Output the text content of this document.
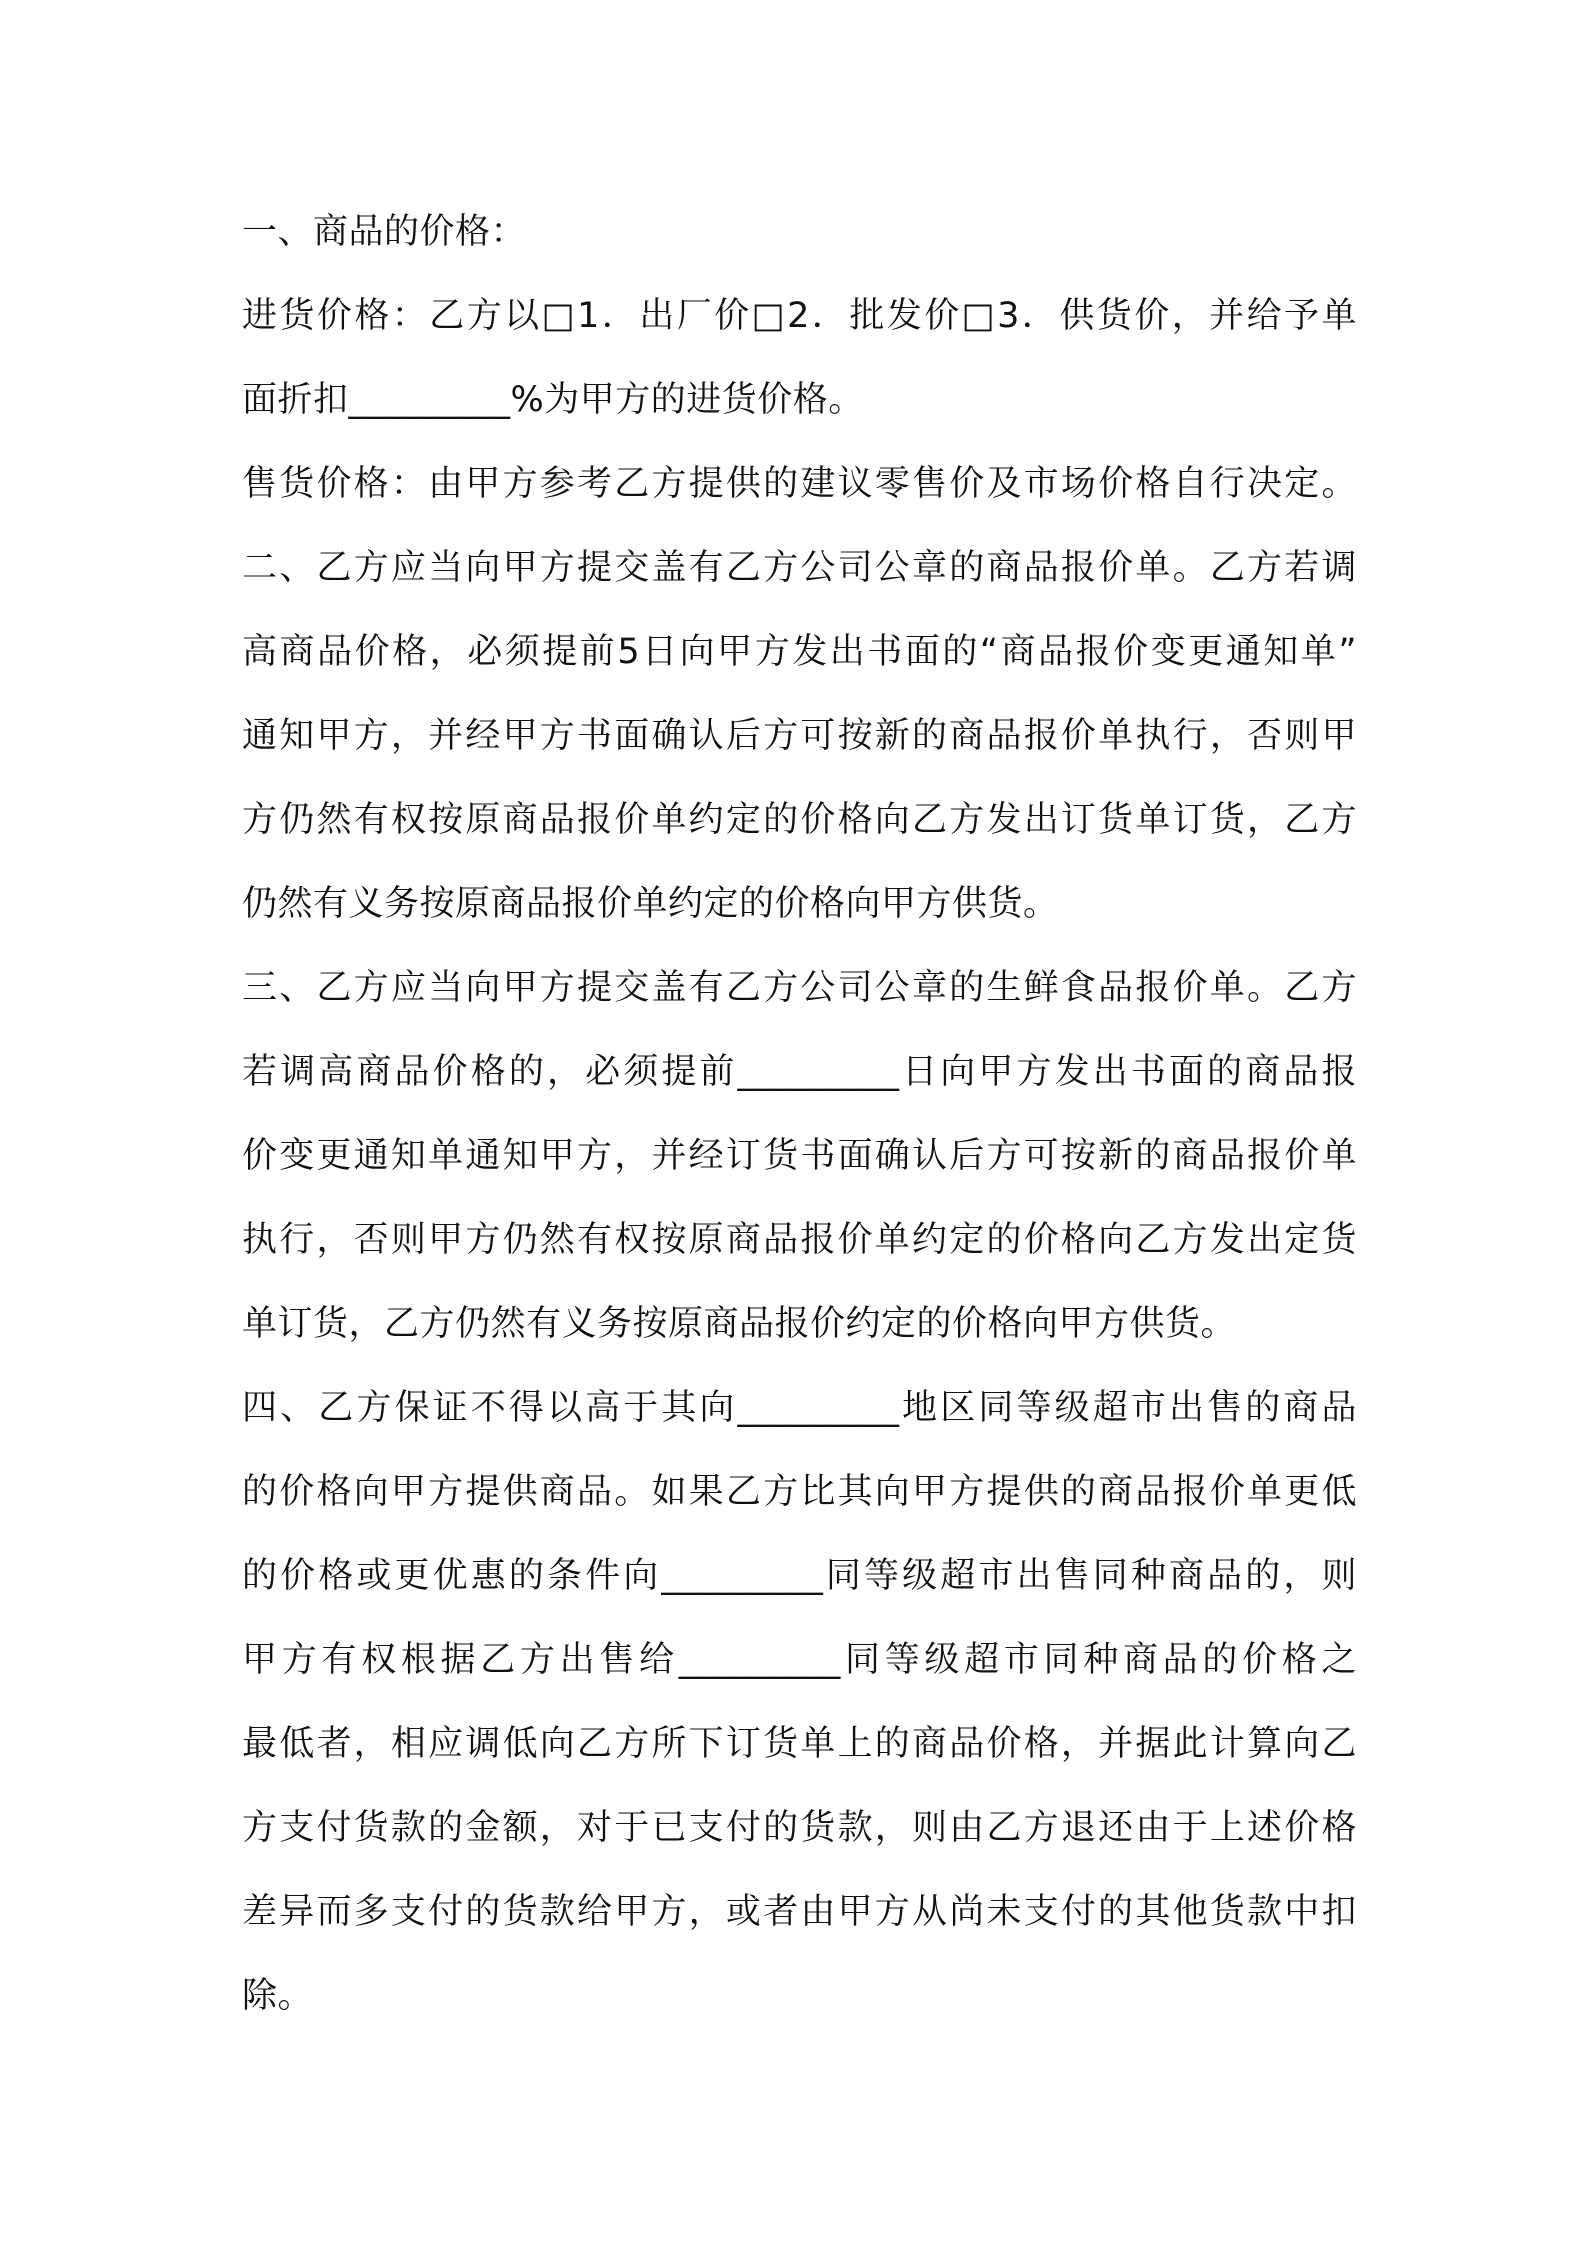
一、商品的价格：
进货价格：乙方以□1．出厂价□2．批发价□3．供货价，并给予单
面折扣_________%为甲方的进货价格。
售货价格：由甲方参考乙方提供的建议零售价及市场价格自行决定。
二、乙方应当向甲方提交盖有乙方公司公章的商品报价单。乙方若调
高商品价格，必须提前5日向甲方发出书面的“商品报价变更通知单”
通知甲方，并经甲方书面确认后方可按新的商品报价单执行，否则甲
方仍然有权按原商品报价单约定的价格向乙方发出订货单订货，乙方
仍然有义务按原商品报价单约定的价格向甲方供货。
三、乙方应当向甲方提交盖有乙方公司公章的生鲜食品报价单。乙方
若调高商品价格的，必须提前_________日向甲方发出书面的商品报
价变更通知单通知甲方，并经订货书面确认后方可按新的商品报价单
执行，否则甲方仍然有权按原商品报价单约定的价格向乙方发出定货
单订货，乙方仍然有义务按原商品报价约定的价格向甲方供货。
四、乙方保证不得以高于其向_________地区同等级超市出售的商品
的价格向甲方提供商品。如果乙方比其向甲方提供的商品报价单更低
的价格或更优惠的条件向_________同等级超市出售同种商品的，则
甲方有权根据乙方出售给_________同等级超市同种商品的价格之
最低者，相应调低向乙方所下订货单上的商品价格，并据此计算向乙
方支付货款的金额，对于已支付的货款，则由乙方退还由于上述价格
差异而多支付的货款给甲方，或者由甲方从尚未支付的其他货款中扣
除。
